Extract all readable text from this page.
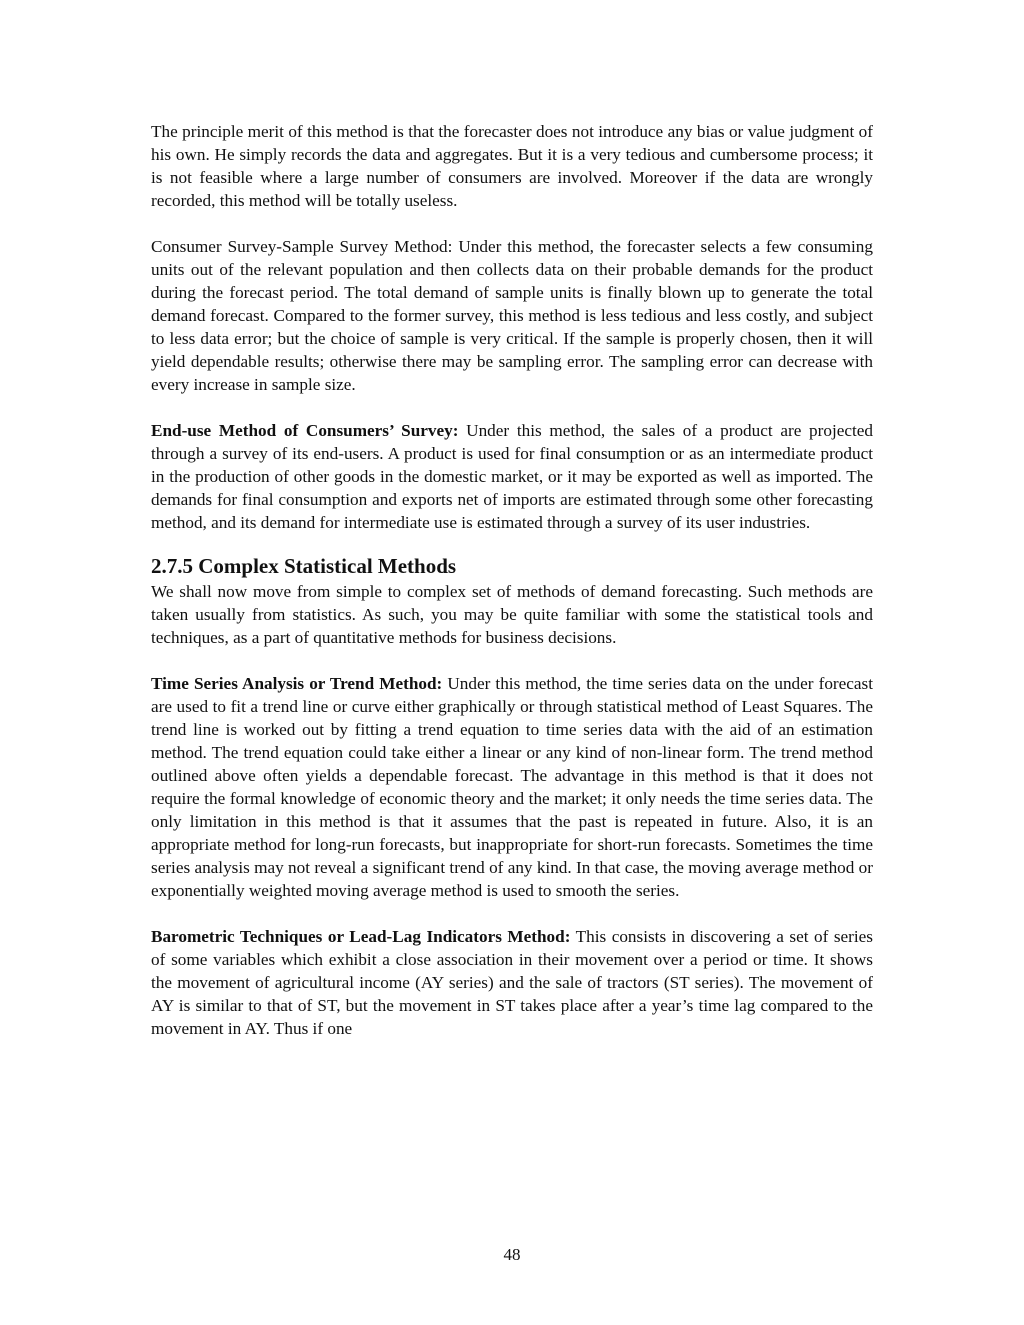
The principle merit of this method is that the forecaster does not introduce any bias or value judgment of his own. He simply records the data and aggregates. But it is a very tedious and cumbersome process; it is not feasible where a large number of consumers are involved. Moreover if the data are wrongly recorded, this method will be totally useless.

Consumer Survey-Sample Survey Method: Under this method, the forecaster selects a few consuming units out of the relevant population and then collects data on their probable demands for the product during the forecast period. The total demand of sample units is finally blown up to generate the total demand forecast. Compared to the former survey, this method is less tedious and less costly, and subject to less data error; but the choice of sample is very critical. If the sample is properly chosen, then it will yield dependable results; otherwise there may be sampling error. The sampling error can decrease with every increase in sample size.

End-use Method of Consumers’ Survey: Under this method, the sales of a product are projected through a survey of its end-users. A product is used for final consumption or as an intermediate product in the production of other goods in the domestic market, or it may be exported as well as imported. The demands for final consumption and exports net of imports are estimated through some other forecasting method, and its demand for intermediate use is estimated through a survey of its user industries.

2.7.5 Complex Statistical Methods

We shall now move from simple to complex set of methods of demand forecasting. Such methods are taken usually from statistics. As such, you may be quite familiar with some the statistical tools and techniques, as a part of quantitative methods for business decisions.

Time Series Analysis or Trend Method: Under this method, the time series data on the under forecast are used to fit a trend line or curve either graphically or through statistical method of Least Squares. The trend line is worked out by fitting a trend equation to time series data with the aid of an estimation method. The trend equation could take either a linear or any kind of non-linear form. The trend method outlined above often yields a dependable forecast. The advantage in this method is that it does not require the formal knowledge of economic theory and the market; it only needs the time series data. The only limitation in this method is that it assumes that the past is repeated in future. Also, it is an appropriate method for long-run forecasts, but inappropriate for short-run forecasts. Sometimes the time series analysis may not reveal a significant trend of any kind. In that case, the moving average method or exponentially weighted moving average method is used to smooth the series.

Barometric Techniques or Lead-Lag Indicators Method: This consists in discovering a set of series of some variables which exhibit a close association in their movement over a period or time. It shows the movement of agricultural income (AY series) and the sale of tractors (ST series). The movement of AY is similar to that of ST, but the movement in ST takes place after a year’s time lag compared to the movement in AY. Thus if one

48
